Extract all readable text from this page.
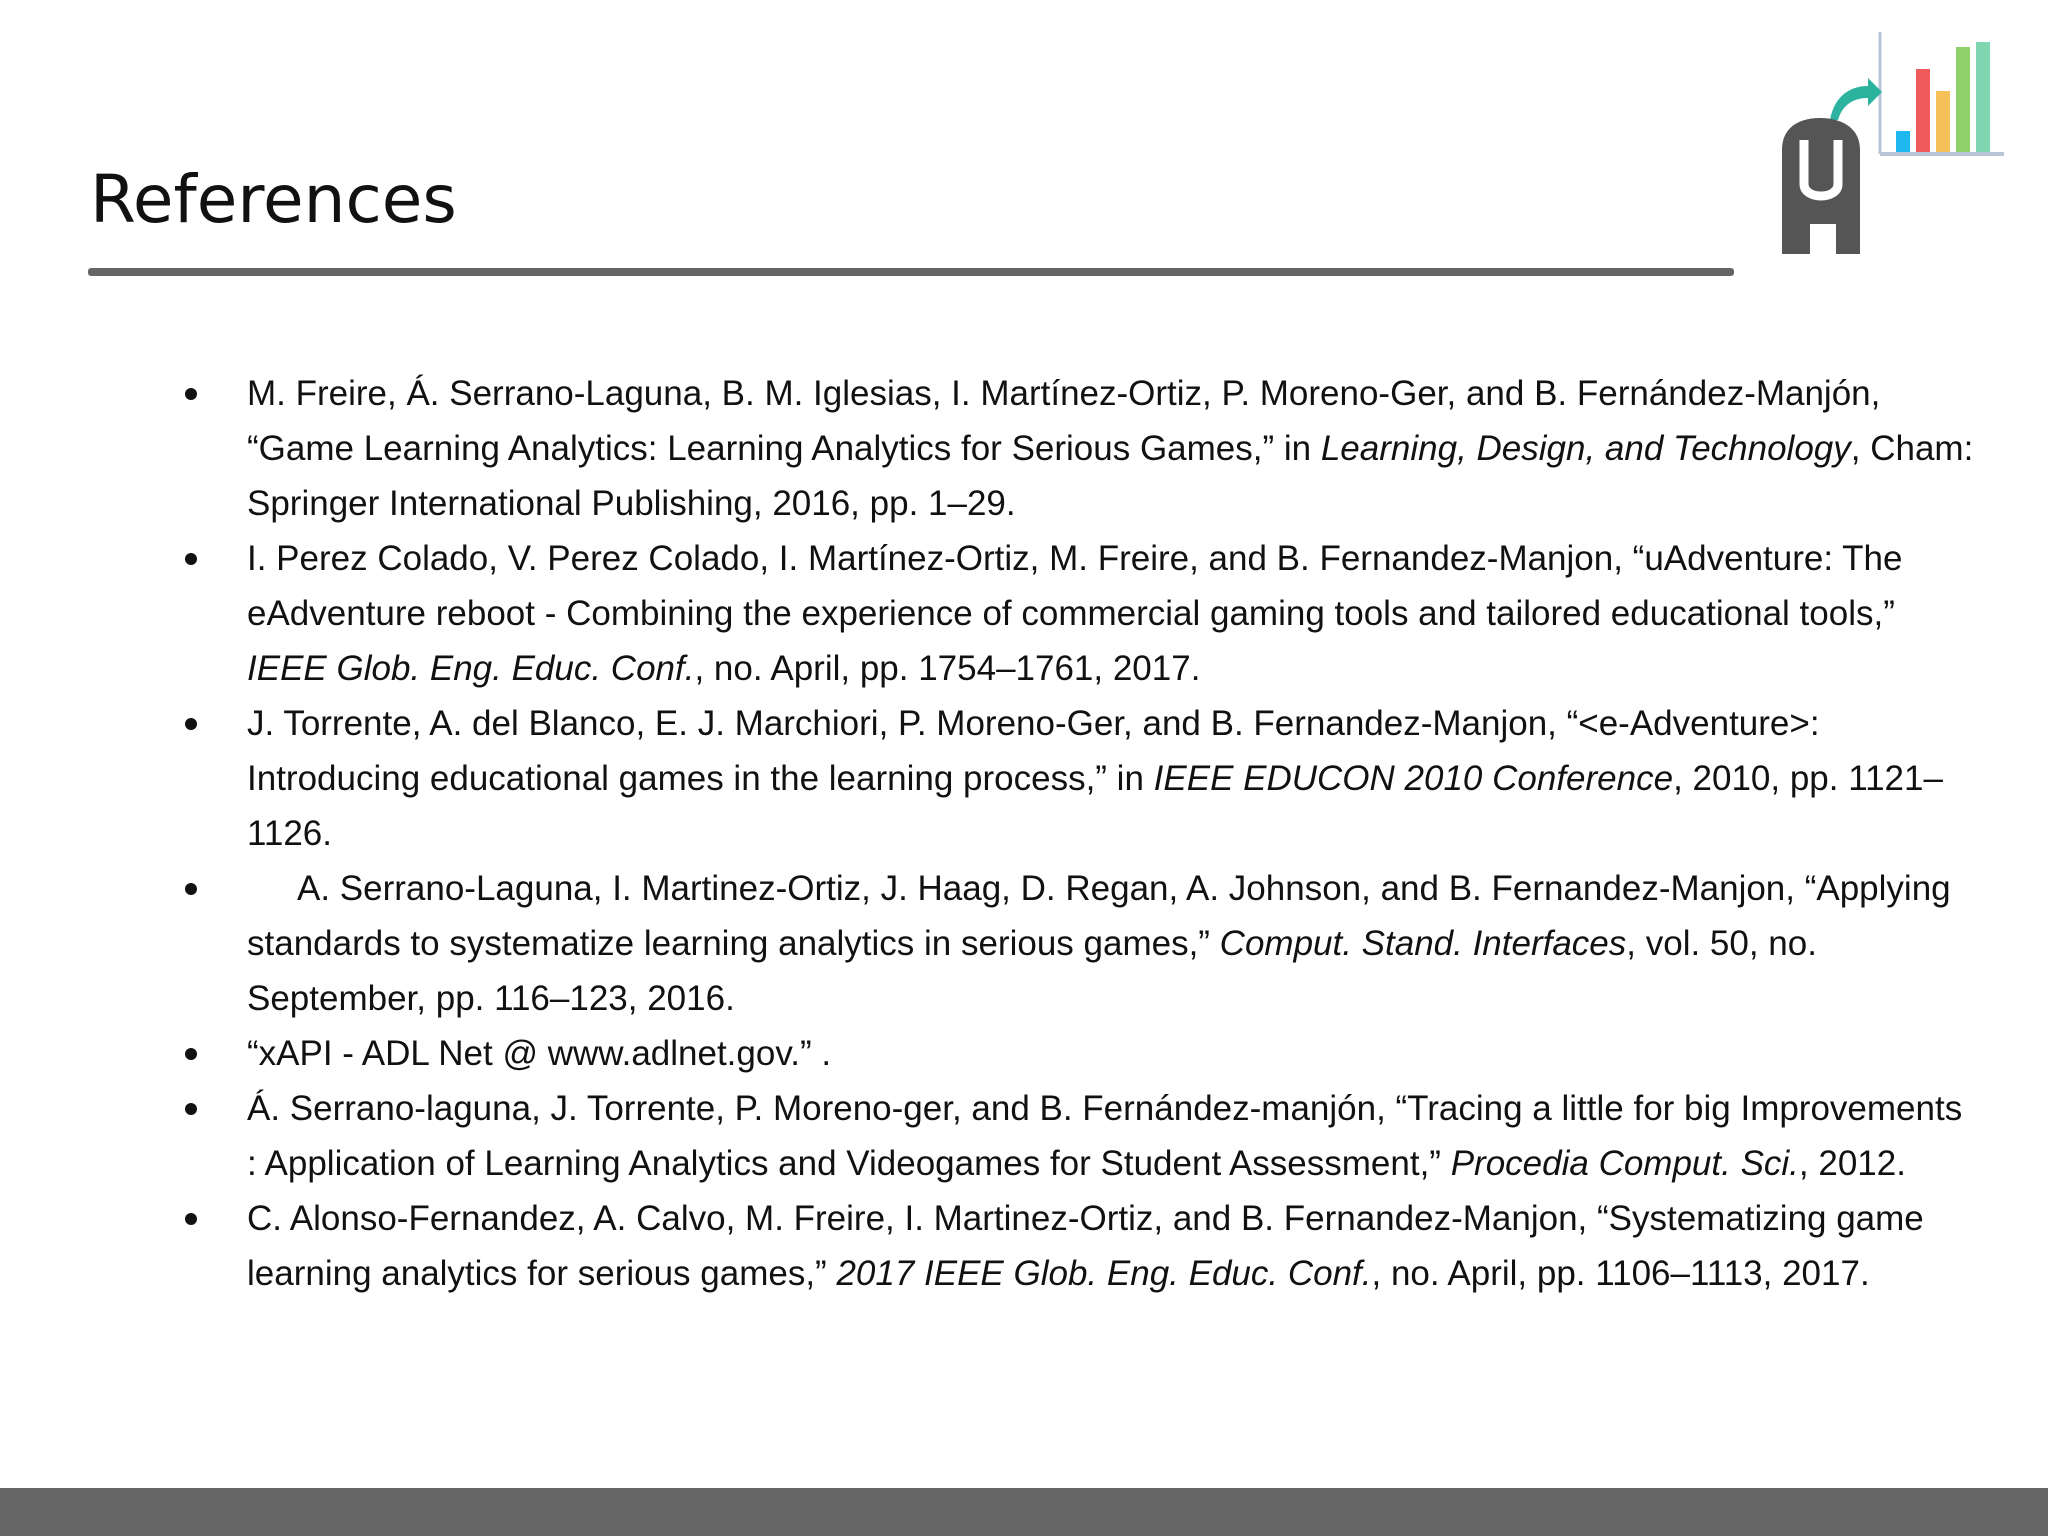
References
M. Freire, Á. Serrano-Laguna, B. M. Iglesias, I. Martínez-Ortiz, P. Moreno-Ger, and B. Fernández-Manjón, “Game Learning Analytics: Learning Analytics for Serious Games,” in Learning, Design, and Technology, Cham: Springer International Publishing, 2016, pp. 1–29.
I. Perez Colado, V. Perez Colado, I. Martínez-Ortiz, M. Freire, and B. Fernandez-Manjon, “uAdventure: The eAdventure reboot - Combining the experience of commercial gaming tools and tailored educational tools,” IEEE Glob. Eng. Educ. Conf., no. April, pp. 1754–1761, 2017.
J. Torrente, A. del Blanco, E. J. Marchiori, P. Moreno-Ger, and B. Fernandez-Manjon, “<e-Adventure>: Introducing educational games in the learning process,” in IEEE EDUCON 2010 Conference, 2010, pp. 1121–1126.
A. Serrano-Laguna, I. Martinez-Ortiz, J. Haag, D. Regan, A. Johnson, and B. Fernandez-Manjon, “Applying standards to systematize learning analytics in serious games,” Comput. Stand. Interfaces, vol. 50, no. September, pp. 116–123, 2016.
“xAPI - ADL Net @ www.adlnet.gov.” .
Á. Serrano-laguna, J. Torrente, P. Moreno-ger, and B. Fernández-manjón, “Tracing a little for big Improvements : Application of Learning Analytics and Videogames for Student Assessment,” Procedia Comput. Sci., 2012.
C. Alonso-Fernandez, A. Calvo, M. Freire, I. Martinez-Ortiz, and B. Fernandez-Manjon, “Systematizing game learning analytics for serious games,” 2017 IEEE Glob. Eng. Educ. Conf., no. April, pp. 1106–1113, 2017.
